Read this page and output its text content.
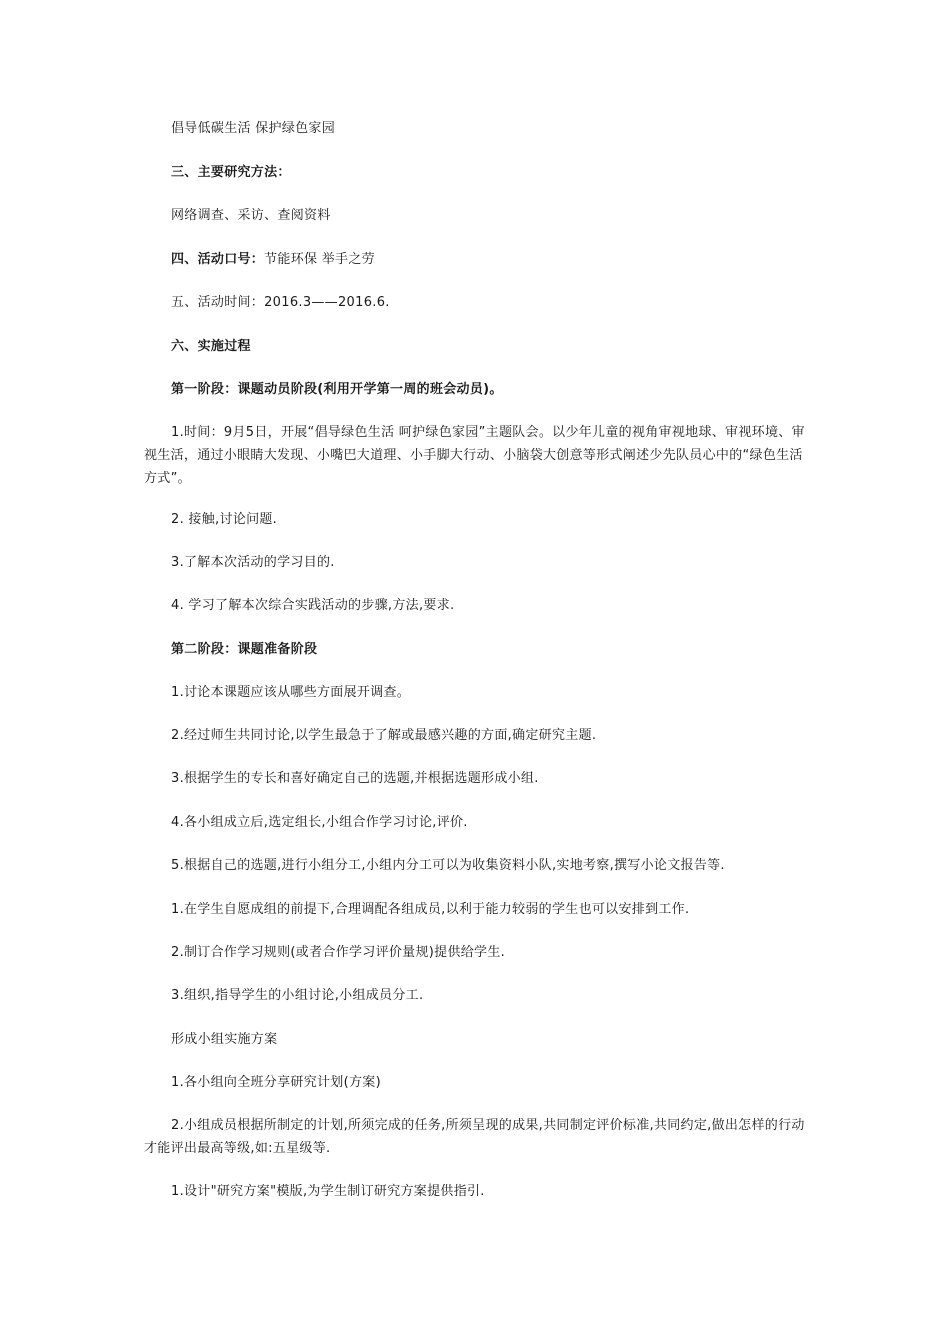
倡导低碳生活 保护绿色家园
三、主要研究方法：
网络调查、采访、查阅资料
四、活动口号：节能环保 举手之劳
五、活动时间：2016.3——2016.6.
六、实施过程
第一阶段：课题动员阶段(利用开学第一周的班会动员)。
1.时间：9月5日，开展“倡导绿色生活 呵护绿色家园”主题队会。以少年儿童的视角审视地球、审视环境、审视生活，通过小眼睛大发现、小嘴巴大道理、小手脚大行动、小脑袋大创意等形式阐述少先队员心中的“绿色生活方式”。
2. 接触,讨论问题.
3.了解本次活动的学习目的.
4. 学习了解本次综合实践活动的步骤,方法,要求.
第二阶段：课题准备阶段
1.讨论本课题应该从哪些方面展开调查。
2.经过师生共同讨论,以学生最急于了解或最感兴趣的方面,确定研究主题.
3.根据学生的专长和喜好确定自己的选题,并根据选题形成小组.
4.各小组成立后,选定组长,小组合作学习讨论,评价.
5.根据自己的选题,进行小组分工,小组内分工可以为收集资料小队,实地考察,撰写小论文报告等.
1.在学生自愿成组的前提下,合理调配各组成员,以利于能力较弱的学生也可以安排到工作.
2.制订合作学习规则(或者合作学习评价量规)提供给学生.
3.组织,指导学生的小组讨论,小组成员分工.
形成小组实施方案
1.各小组向全班分享研究计划(方案)
2.小组成员根据所制定的计划,所须完成的任务,所须呈现的成果,共同制定评价标准,共同约定,做出怎样的行动才能评出最高等级,如:五星级等.
1.设计"研究方案"模版,为学生制订研究方案提供指引.
